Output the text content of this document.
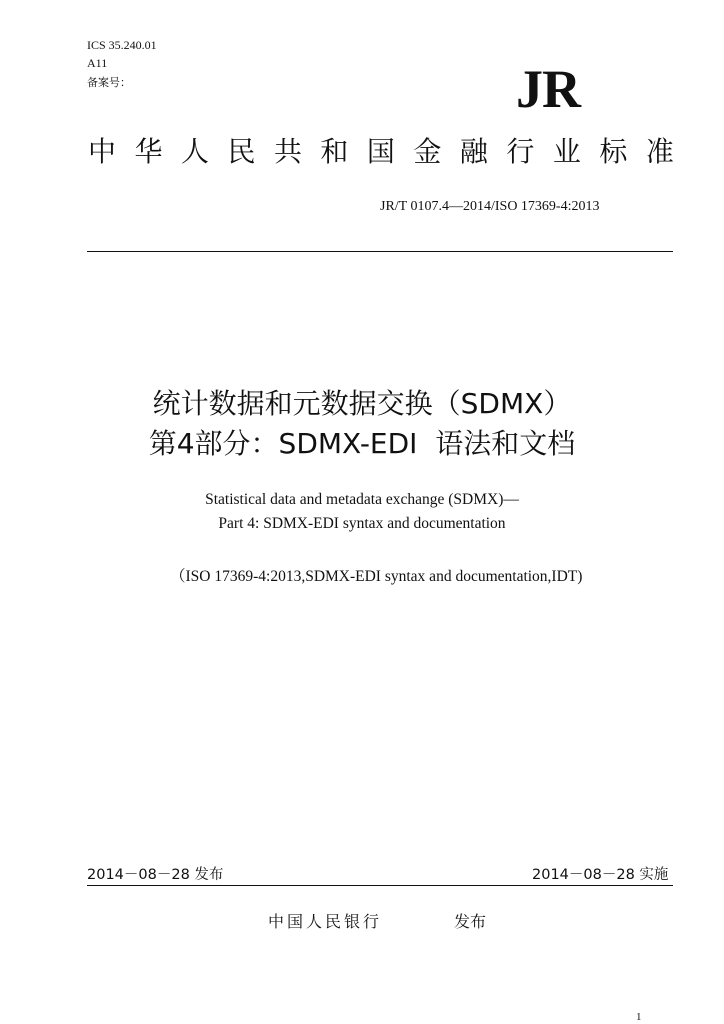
ICS 35.240.01
A11
备案号：	JR
中 华 人 民 共 和 国 金 融 行 业 标 准
JR/T 0107.4—2014/ISO 17369-4:2013
统计数据和元数据交换（SDMX）
第4部分：SDMX-EDI  语法和文档
Statistical data and metadata exchange (SDMX)—
Part 4: SDMX-EDI syntax and documentation
（ISO 17369-4:2013,SDMX-EDI syntax and documentation,IDT)
2014－08－28 发布	2014－08－28 实施
中国人民银行	发布
1
